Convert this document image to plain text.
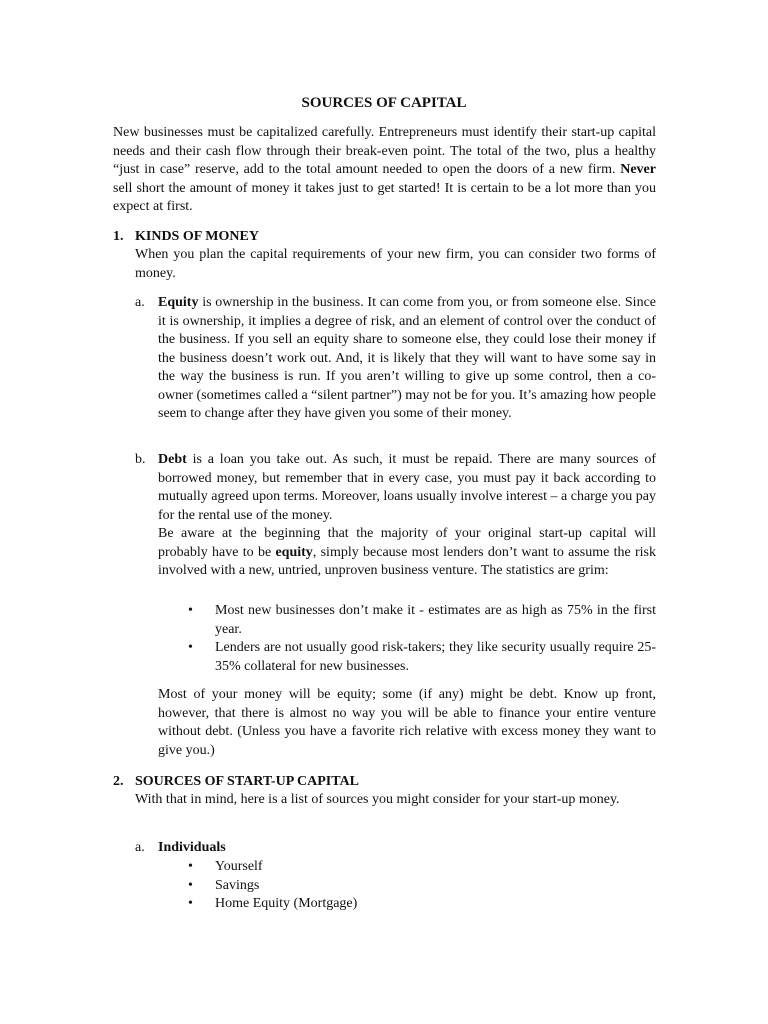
SOURCES OF CAPITAL

New businesses must be capitalized carefully. Entrepreneurs must identify their start-up capital needs and their cash flow through their break-even point. The total of the two, plus a healthy “just in case” reserve, add to the total amount needed to open the doors of a new firm. Never sell short the amount of money it takes just to get started! It is certain to be a lot more than you expect at first.

1. KINDS OF MONEY

When you plan the capital requirements of your new firm, you can consider two forms of money.

a. Equity is ownership in the business. It can come from you, or from someone else. Since it is ownership, it implies a degree of risk, and an element of control over the conduct of the business. If you sell an equity share to someone else, they could lose their money if the business doesn’t work out. And, it is likely that they will want to have some say in the way the business is run. If you aren’t willing to give up some control, then a co-owner (sometimes called a “silent partner”) may not be for you. It’s amazing how people seem to change after they have given you some of their money.
b. Debt is a loan you take out. As such, it must be repaid. There are many sources of borrowed money, but remember that in every case, you must pay it back according to mutually agreed upon terms. Moreover, loans usually involve interest – a charge you pay for the rental use of the money.
Be aware at the beginning that the majority of your original start-up capital will probably have to be equity, simply because most lenders don’t want to assume the risk involved with a new, untried, unproven business venture. The statistics are grim:
• Most new businesses don’t make it - estimates are as high as 75% in the first year.
• Lenders are not usually good risk-takers; they like security usually require 25-35% collateral for new businesses.

Most of your money will be equity; some (if any) might be debt. Know up front, however, that there is almost no way you will be able to finance your entire venture without debt. (Unless you have a favorite rich relative with excess money they want to give you.)

2. SOURCES OF START-UP CAPITAL

With that in mind, here is a list of sources you might consider for your start-up money.

a. Individuals
• Yourself
• Savings
• Home Equity (Mortgage)
